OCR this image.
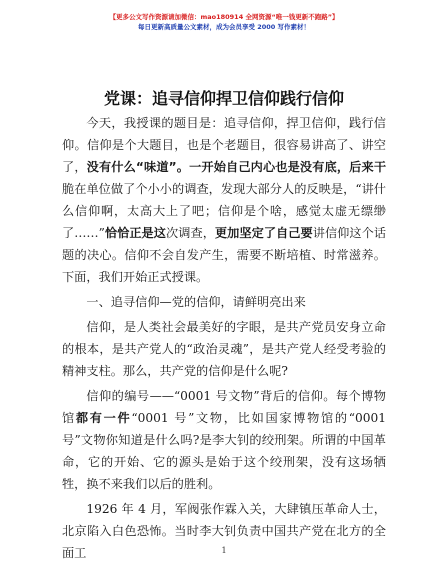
【更多公文写作资源请加微信：mao180914 全网资源“唯一钱更新不跑路”】
每日更新高质量公文素材，成为会员享受 2000 写作素材！
党课：追寻信仰捍卫信仰践行信仰

今天，我授课的题目是：追寻信仰，捍卫信仰，践行信仰。信仰是个大题目，也是个老题目，很容易讲高了、讲空了，没有什么“味道”。一开始自己内心也是没有底，后来干脆在单位做了个小小的调查，发现大部分人的反映是，“讲什么信仰啊，太高大上了吧；信仰是个啥，感觉太虚无缥缈了……”恰恰正是这次调查，更加坚定了自己要讲信仰这个话题的决心。信仰不会自发产生，需要不断培植、时常滋养。下面，我们开始正式授课。

一、追寻信仰—党的信仰，请鲜明亮出来

信仰，是人类社会最美好的字眼，是共产党员安身立命的根本，是共产党人的“政治灵魂”，是共产党人经受考验的精神支柱。那么，共产党的信仰是什么呢?

信仰的编号——“0001 号文物”背后的信仰。每个博物馆都有一件“0001 号”文物，比如国家博物馆的“0001 号”文物你知道是什么吗?是李大钊的绞刑架。所谓的中国革命，它的开始、它的源头是始于这个绞刑架，没有这场牺牲，换不来我们以后的胜利。

1926 年 4 月，军阀张作霖入关，大肆镇压革命人士，北京陷入白色恐怖。当时李大钊负责中国共产党在北方的全面工	1
